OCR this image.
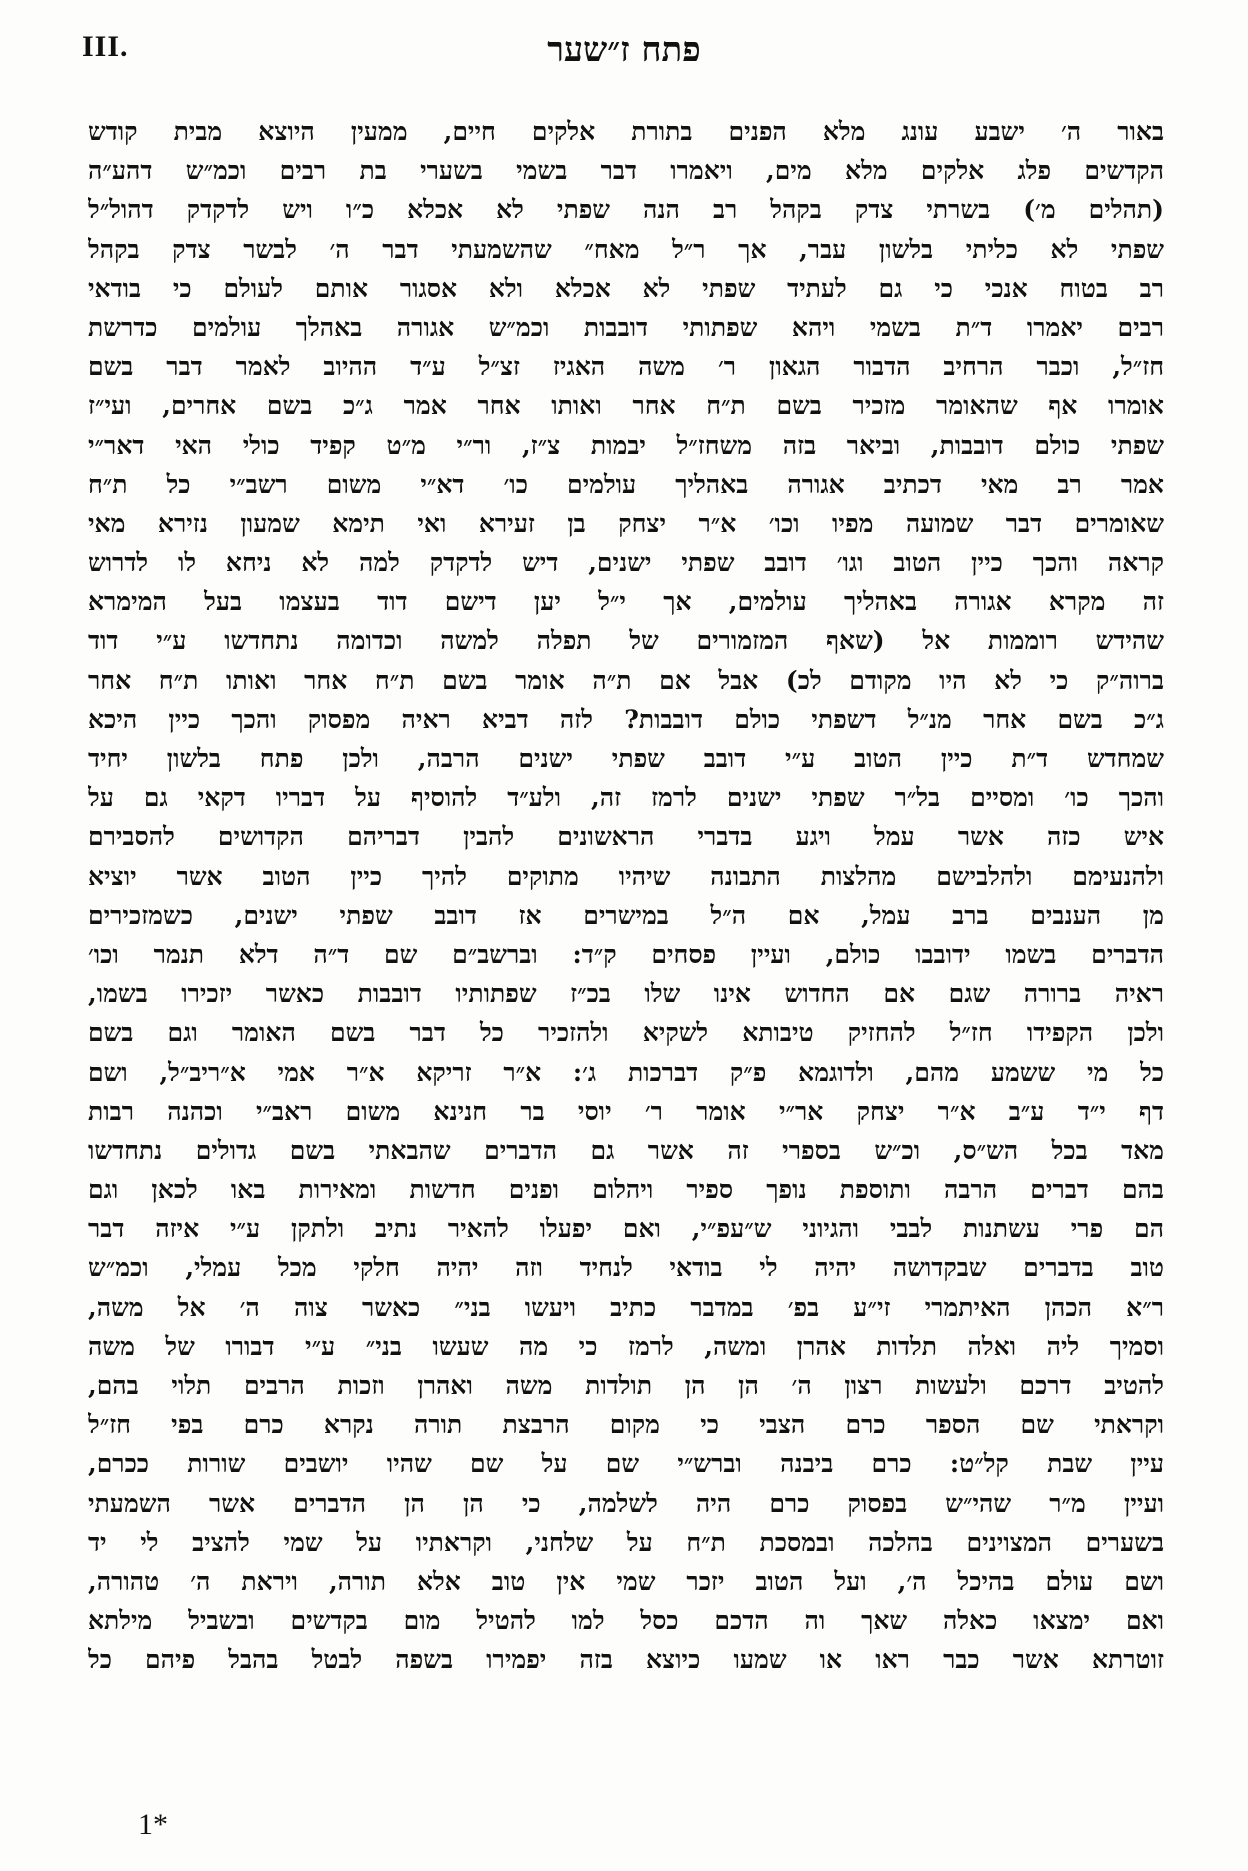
III.	פתח ז״שער
באור ה׳ ישבע עונג מלא הפנים בתורת אלקים חיים, ממעין היוצא מבית קודש
הקדשים פלג אלקים מלא מים, ויאמרו דבר בשמי בשערי בת רבים וכמ״ש דהע״ה
(תהלים מ׳) בשרתי צדק בקהל רב הנה שפתי לא אכלא כ״ו ויש לדקדק דהול״ל
שפתי לא כליתי בלשון עבר, אך ר״ל מאח״ שהשמעתי דבר ה׳ לבשר צדק בקהל
רב בטוח אנכי כי גם לעתיד שפתי לא אכלא ולא אסגור אותם לעולם כי בודאי
רבים יאמרו ד״ת בשמי ויהא שפתותי דובבות וכמ״ש אגורה באהלך עולמים כדרשת
חז״ל, וכבר הרחיב הדבור הגאון ר׳ משה האגיז זצ״ל ע״ד ההיוב לאמר דבר בשם
אומרו אף שהאומר מזכיר בשם ת״ח אחר ואותו אחר אמר ג״כ בשם אחרים, ועי״ז
שפתי כולם דובבות, וביאר בזה משחז״ל יבמות צ״ז, ור״י מ״ט קפיד כולי האי דאר״י
אמר רב מאי דכתיב אגורה באהליך עולמים כו׳ דא״י משום רשב״י כל ת״ח
שאומרים דבר שמועה מפיו וכו׳ א״ר יצחק בן זעירא ואי תימא שמעון נזירא מאי
קראה והכך כיין הטוב וגו׳ דובב שפתי ישנים, דיש לדקדק למה לא ניחא לו לדרוש
זה מקרא אגורה באהליך עולמים, אך י״ל יען דישם דוד בעצמו בעל המימרא
שהידש רוממות אל (שאף המזמורים של תפלה למשה וכדומה נתחדשו ע״י דוד
ברוה״ק כי לא היו מקודם לכ) אבל אם ת״ה אומר בשם ת״ח אחר ואותו ת״ח אחר
ג״כ בשם אחר מנ״ל דשפתי כולם דובבות? לזה דביא ראיה מפסוק והכך כיין היכא
שמחדש ד״ת כיין הטוב ע״י דובב שפתי ישנים הרבה, ולכן פתח בלשון יחיד
והכך כו׳ ומסיים בל״ר שפתי ישנים לרמז זה, ולע״ד להוסיף על דבריו דקאי גם על
איש כזה אשר עמל ויגע בדברי הראשונים להבין דבריהם הקדושים להסבירם
ולהנעימם ולהלבישם מהלצות התבונה שיהיו מתוקים להיך כיין הטוב אשר יוציא
מן הענבים ברב עמל, אם ה״ל במישרים אז דובב שפתי ישנים, כשמזכירים
הדברים בשמו ידובבו כולם, ועיין פסחים ק״ד: וברשב״ם שם ד״ה דלא תנמר וכו׳
ראיה ברורה שגם אם החדוש אינו שלו בכ״ז שפתותיו דובבות כאשר יזכירו בשמו,
ולכן הקפידו חז״ל להחזיק טיבותא לשקיא ולהזכיר כל דבר בשם האומר וגם בשם
כל מי ששמע מהם, ולדוגמא פ״ק דברכות ג׳: א״ר זריקא א״ר אמי א״ריב״ל, ושם
דף י״ד ע״ב א״ר יצחק אר״י אומר ר׳ יוסי בר חנינא משום ראב״י וכהנה רבות
מאד בכל הש״ס, וכ״ש בספרי זה אשר גם הדברים שהבאתי בשם גדולים נתחדשו
בהם דברים הרבה ותוספת נופך ספיר ויהלום ופנים חדשות ומאירות באו לכאן וגם
הם פרי עשתנות לבבי והגיוני ש״עפ״י, ואם יפעלו להאיר נתיב ולתקן ע״י איזה דבר
טוב בדברים שבקדושה יהיה לי בודאי לנחיד וזה יהיה חלקי מכל עמלי, וכמ״ש
ר״א הכהן האיתמרי זי״ע בפ׳ במדבר כתיב ויעשו בני״ כאשר צוה ה׳ אל משה,
וסמיך ליה ואלה תלדות אהרן ומשה, לרמז כי מה שעשו בני״ ע״י דבורו של משה
להטיב דרכם ולעשות רצון ה׳ הן הן תולדות משה ואהרן וזכות הרבים תלוי בהם,
וקראתי שם הספר כרם הצבי כי מקום הרבצת תורה נקרא כרם בפי חז״ל
עיין שבת קל״ט: כרם ביבנה וברש״י שם על שם שהיו יושבים שורות ככרם,
ועיין מ״ר שהי״ש בפסוק כרם היה לשלמה, כי הן הן הדברים אשר השמעתי
בשערים המצוינים בהלכה ובמסכת ת״ח על שלחני, וקראתיו על שמי להציב לי יד
ושם עולם בהיכל ה׳, ועל הטוב יזכר שמי אין טוב אלא תורה, ויראת ה׳ טהורה,
ואם ימצאו כאלה שאך וה הדכם כסל למו להטיל מום בקדשים ובשביל מילתא
זוטרתא אשר כבר ראו או שמעו כיוצא בזה יפמירו בשפה לבטל בהבל פיהם כל
1*
